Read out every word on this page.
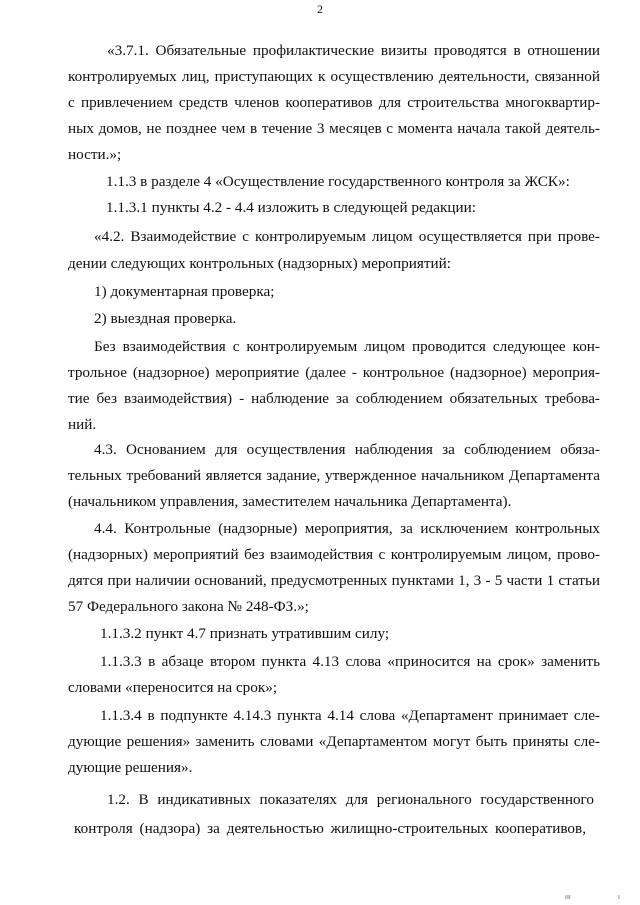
2
«3.7.1. Обязательные профилактические визиты проводятся в отношении
контролируемых лиц, приступающих к осуществлению деятельности, связанной
с привлечением средств членов кооперативов для строительства многоквартир-
ных домов, не позднее чем в течение 3 месяцев с момента начала такой деятель-
ности.»;
1.1.3 в разделе 4 «Осуществление государственного контроля за ЖСК»:
1.1.3.1 пункты 4.2 - 4.4 изложить в следующей редакции:
«4.2. Взаимодействие с контролируемым лицом осуществляется при прове-
дении следующих контрольных (надзорных) мероприятий:
1) документарная проверка;
2) выездная проверка.
Без взаимодействия с контролируемым лицом проводится следующее кон-
трольное (надзорное) мероприятие (далее - контрольное (надзорное) мероприя-
тие без взаимодействия) - наблюдение за соблюдением обязательных требова-
ний.
4.3. Основанием для осуществления наблюдения за соблюдением обяза-
тельных требований является задание, утвержденное начальником Департамента
(начальником управления, заместителем начальника Департамента).
4.4. Контрольные (надзорные) мероприятия, за исключением контрольных
(надзорных) мероприятий без взаимодействия с контролируемым лицом, прово-
дятся при наличии оснований, предусмотренных пунктами 1, 3 - 5 части 1 статьи
57 Федерального закона № 248-ФЗ.»;
1.1.3.2 пункт 4.7 признать утратившим силу;
1.1.3.3 в абзаце втором пункта 4.13 слова «приносится на срок» заменить
словами «переносится на срок»;
1.1.3.4 в подпункте 4.14.3 пункта 4.14 слова «Департамент принимает сле-
дующие решения» заменить словами «Департаментом могут быть приняты сле-
дующие решения».
1.2. В индикативных показателях для регионального государственного
контроля (надзора) за деятельностью жилищно-строительных кооперативов,
ııı	ı
